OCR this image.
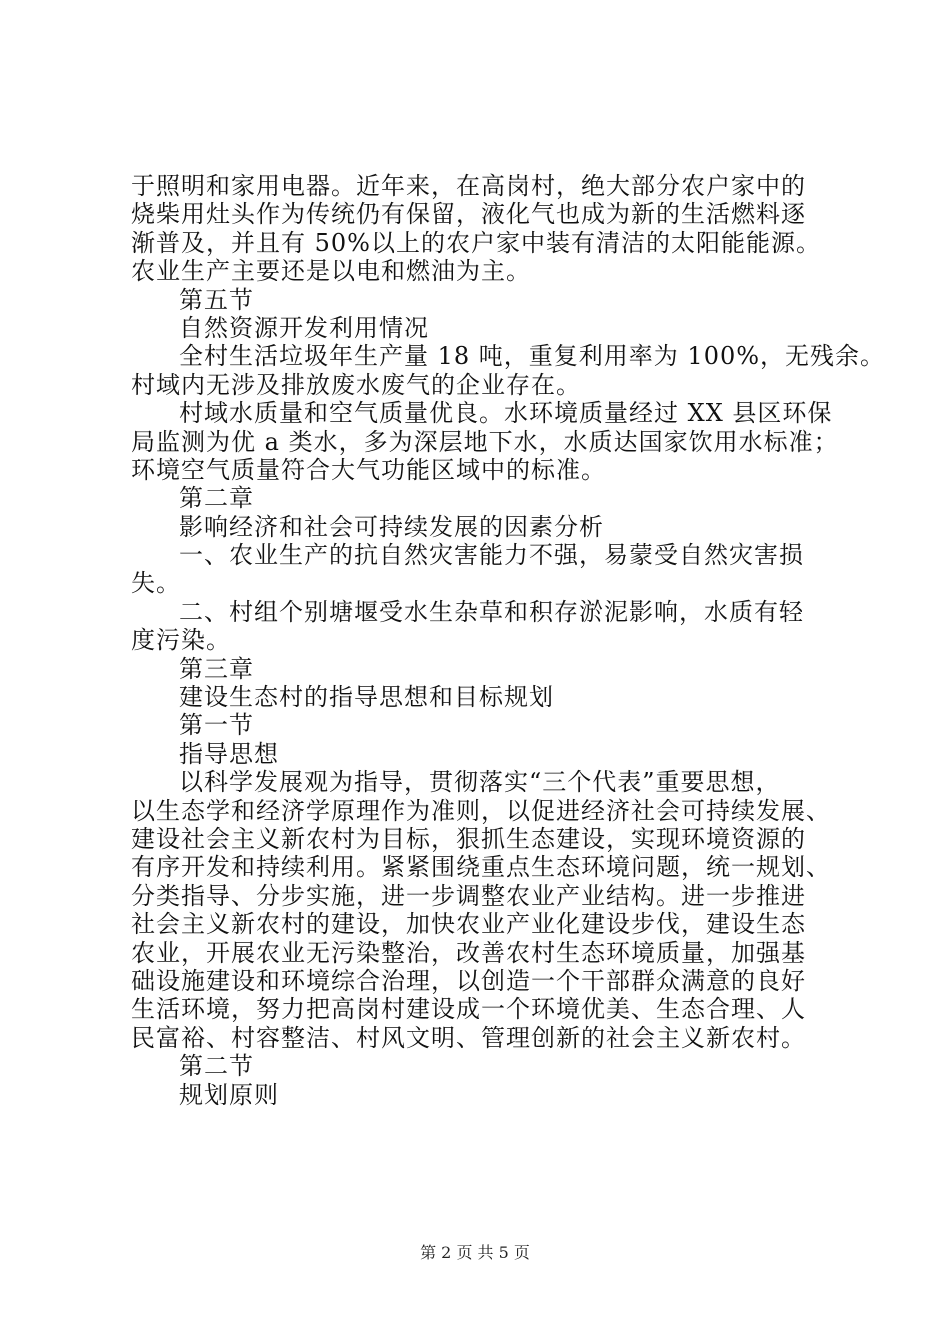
于照明和家用电器。近年来，在高岗村，绝大部分农户家中的
烧柴用灶头作为传统仍有保留，液化气也成为新的生活燃料逐
渐普及，并且有 50%以上的农户家中装有清洁的太阳能能源。
农业生产主要还是以电和燃油为主。
第五节
自然资源开发利用情况
全村生活垃圾年生产量 18 吨，重复利用率为 100%，无残余。
村域内无涉及排放废水废气的企业存在。
村域水质量和空气质量优良。水环境质量经过 XX 县区环保
局监测为优 a 类水，多为深层地下水，水质达国家饮用水标准；
环境空气质量符合大气功能区域中的标准。
第二章
影响经济和社会可持续发展的因素分析
一、农业生产的抗自然灾害能力不强，易蒙受自然灾害损
失。
二、村组个别塘堰受水生杂草和积存淤泥影响，水质有轻
度污染。
第三章
建设生态村的指导思想和目标规划
第一节
指导思想
以科学发展观为指导，贯彻落实“三个代表”重要思想，
以生态学和经济学原理作为准则，以促进经济社会可持续发展、
建设社会主义新农村为目标，狠抓生态建设，实现环境资源的
有序开发和持续利用。紧紧围绕重点生态环境问题，统一规划、
分类指导、分步实施，进一步调整农业产业结构。进一步推进
社会主义新农村的建设，加快农业产业化建设步伐，建设生态
农业，开展农业无污染整治，改善农村生态环境质量，加强基
础设施建设和环境综合治理，以创造一个干部群众满意的良好
生活环境，努力把高岗村建设成一个环境优美、生态合理、人
民富裕、村容整洁、村风文明、管理创新的社会主义新农村。
第二节
规划原则
第 2 页 共 5 页
